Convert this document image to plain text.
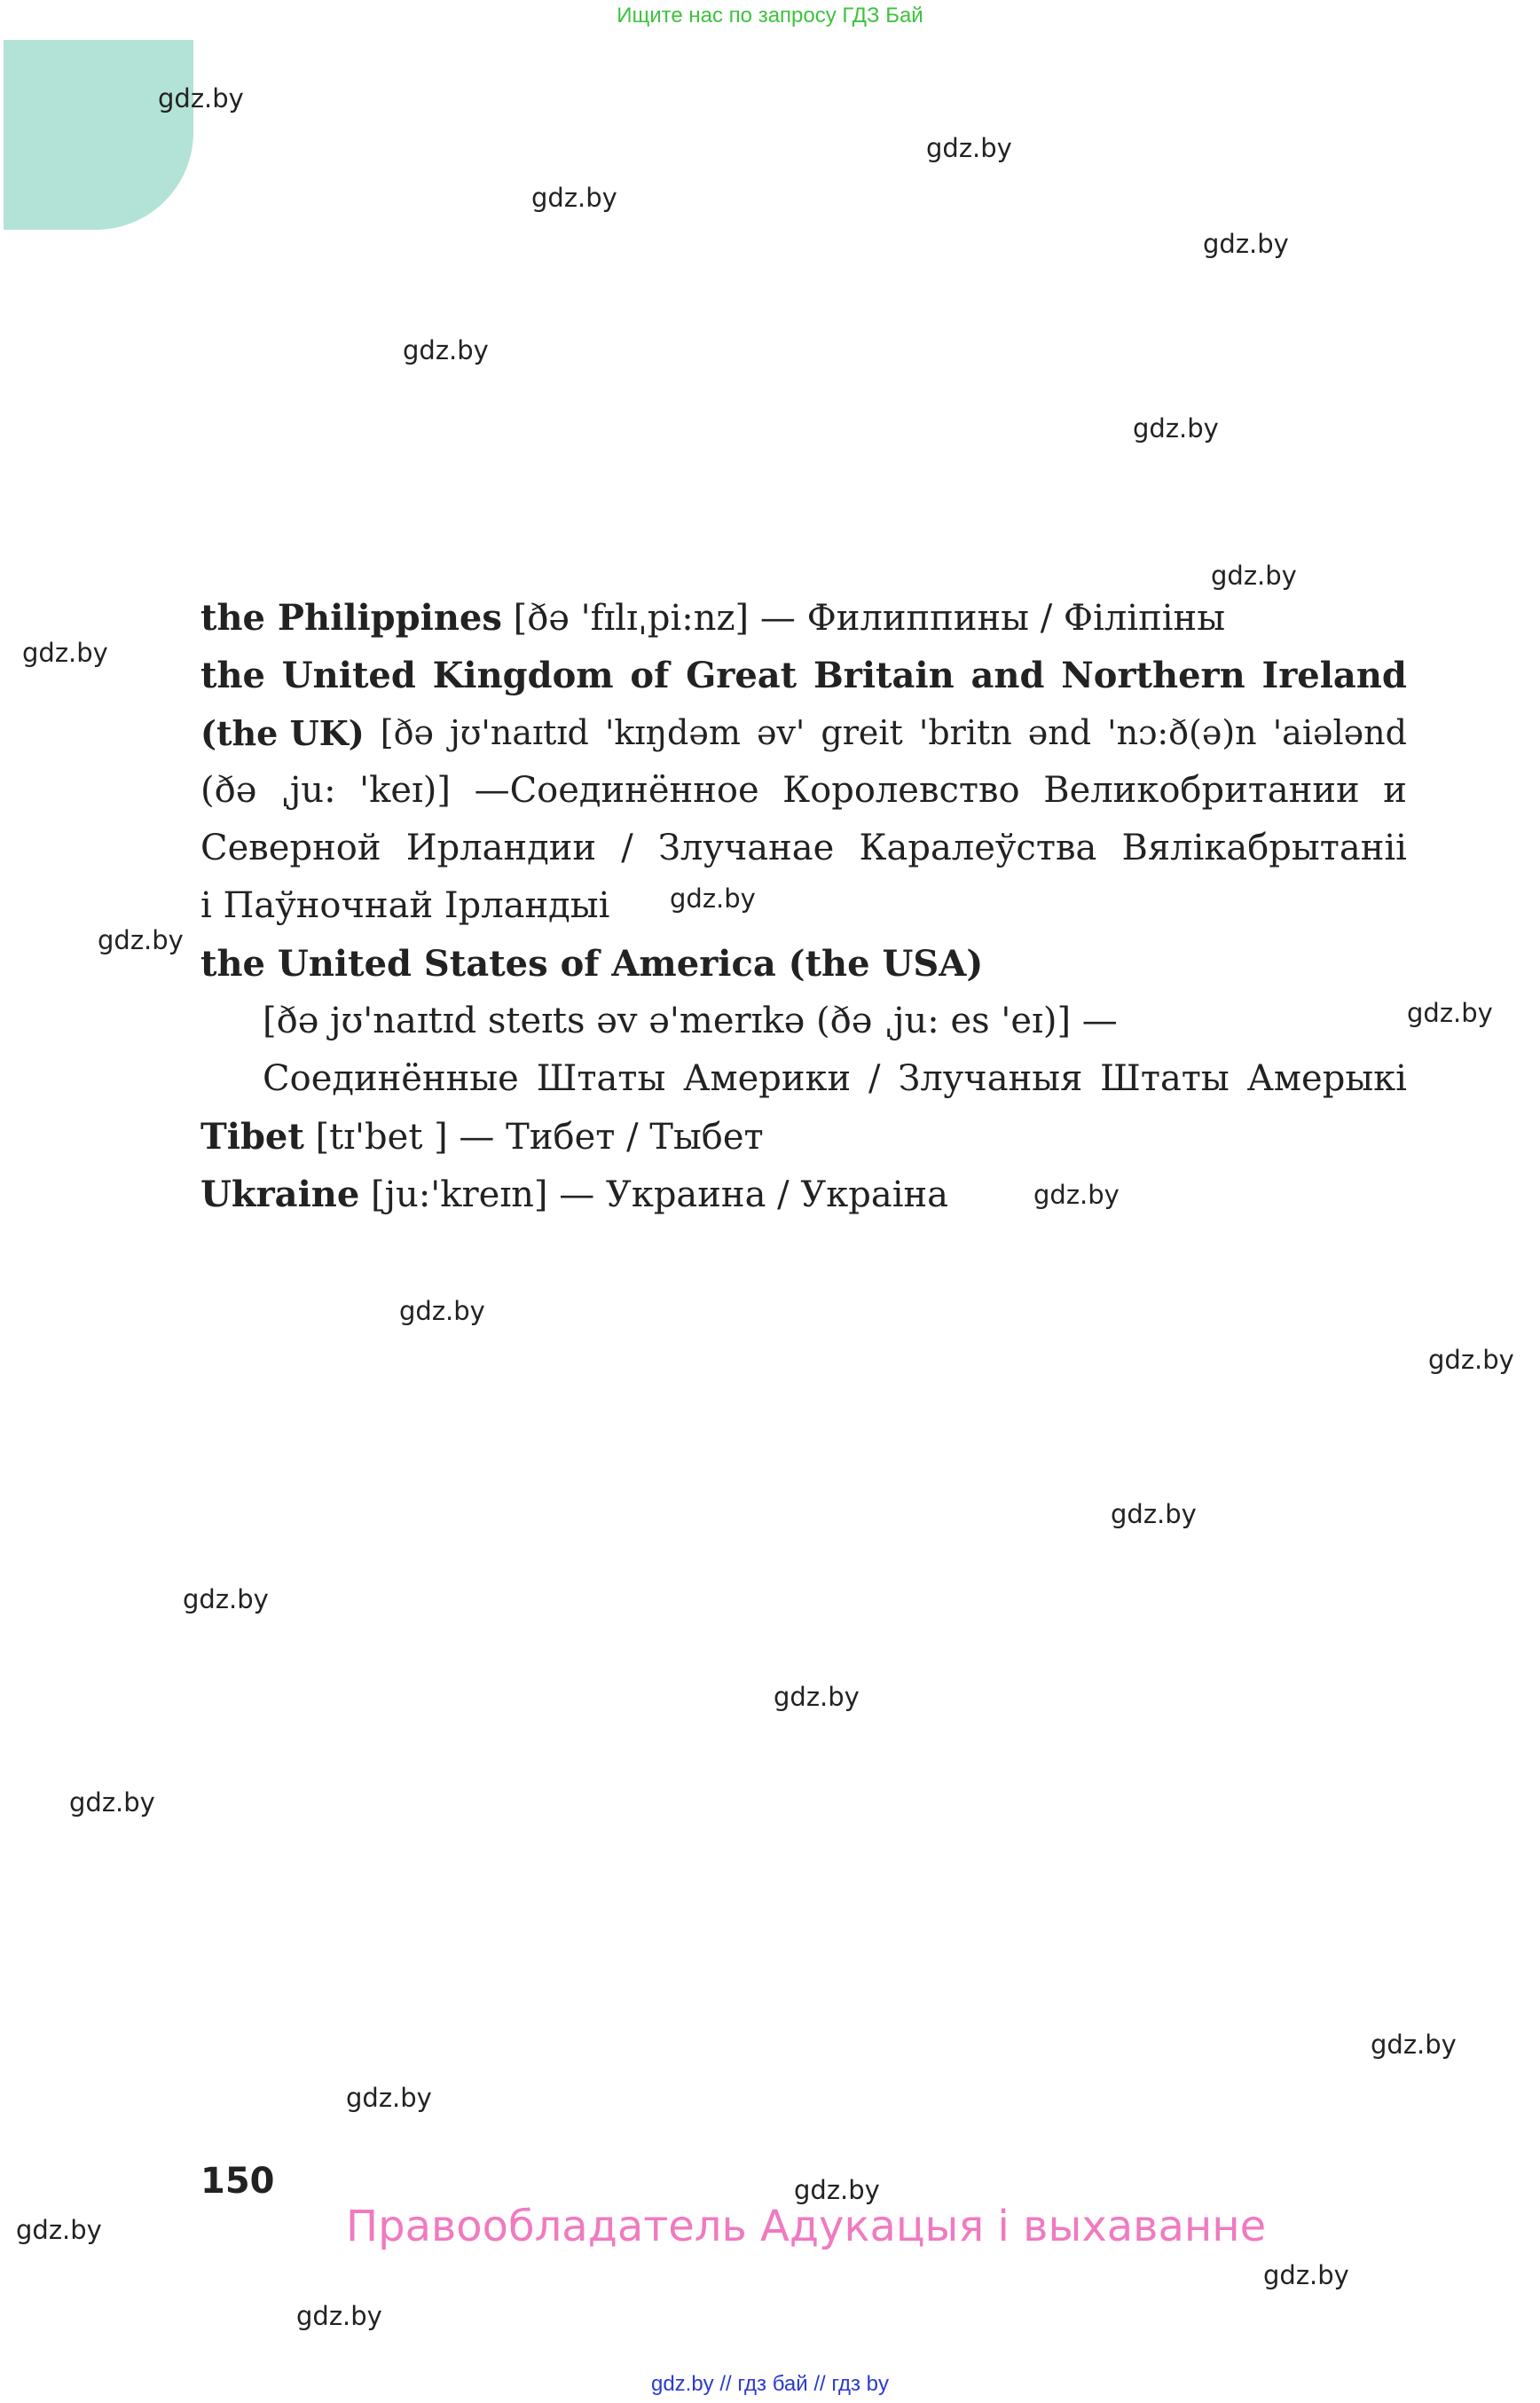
Ищите нас по запросу ГДЗ Бай
gdz.by
gdz.by
gdz.by
gdz.by
gdz.by
gdz.by
gdz.by
gdz.by
gdz.by
gdz.by
gdz.by
gdz.by
gdz.by
gdz.by
gdz.by
gdz.by
gdz.by
gdz.by
gdz.by
gdz.by
gdz.by
gdz.by
gdz.by
gdz.by
the Philippines [ðə 'fɪlɪˌpi:nz] — Филиппины / Філіпіны
the United Kingdom of Great Britain and Northern Ireland
(the UK) [ðə jʊ'naɪtɪd 'kɪŋdəm əv' greit 'britn ənd 'nɔ:ð(ə)n 'aiələnd
(ðə ˌju: 'keɪ)] —Соединённое Королевство Великобритании и
Северной Ирландии / Злучанае Каралеўства Вялікабрытаніі
і Паўночнай Ірландыі
the United States of America (the USA)
[ðə jʊ'naɪtɪd steɪts əv ə'merɪkə (ðə ˌju: es 'eɪ)] —
Соединённые Штаты Америки / Злучаныя Штаты Амерыкі
Tibet [tɪ'bet ] — Тибет / Тыбет
Ukraine [ju:'kreɪn] — Украина / Украіна
150
Правообладатель Адукацыя і выхаванне
gdz.by // гдз бай // гдз by
